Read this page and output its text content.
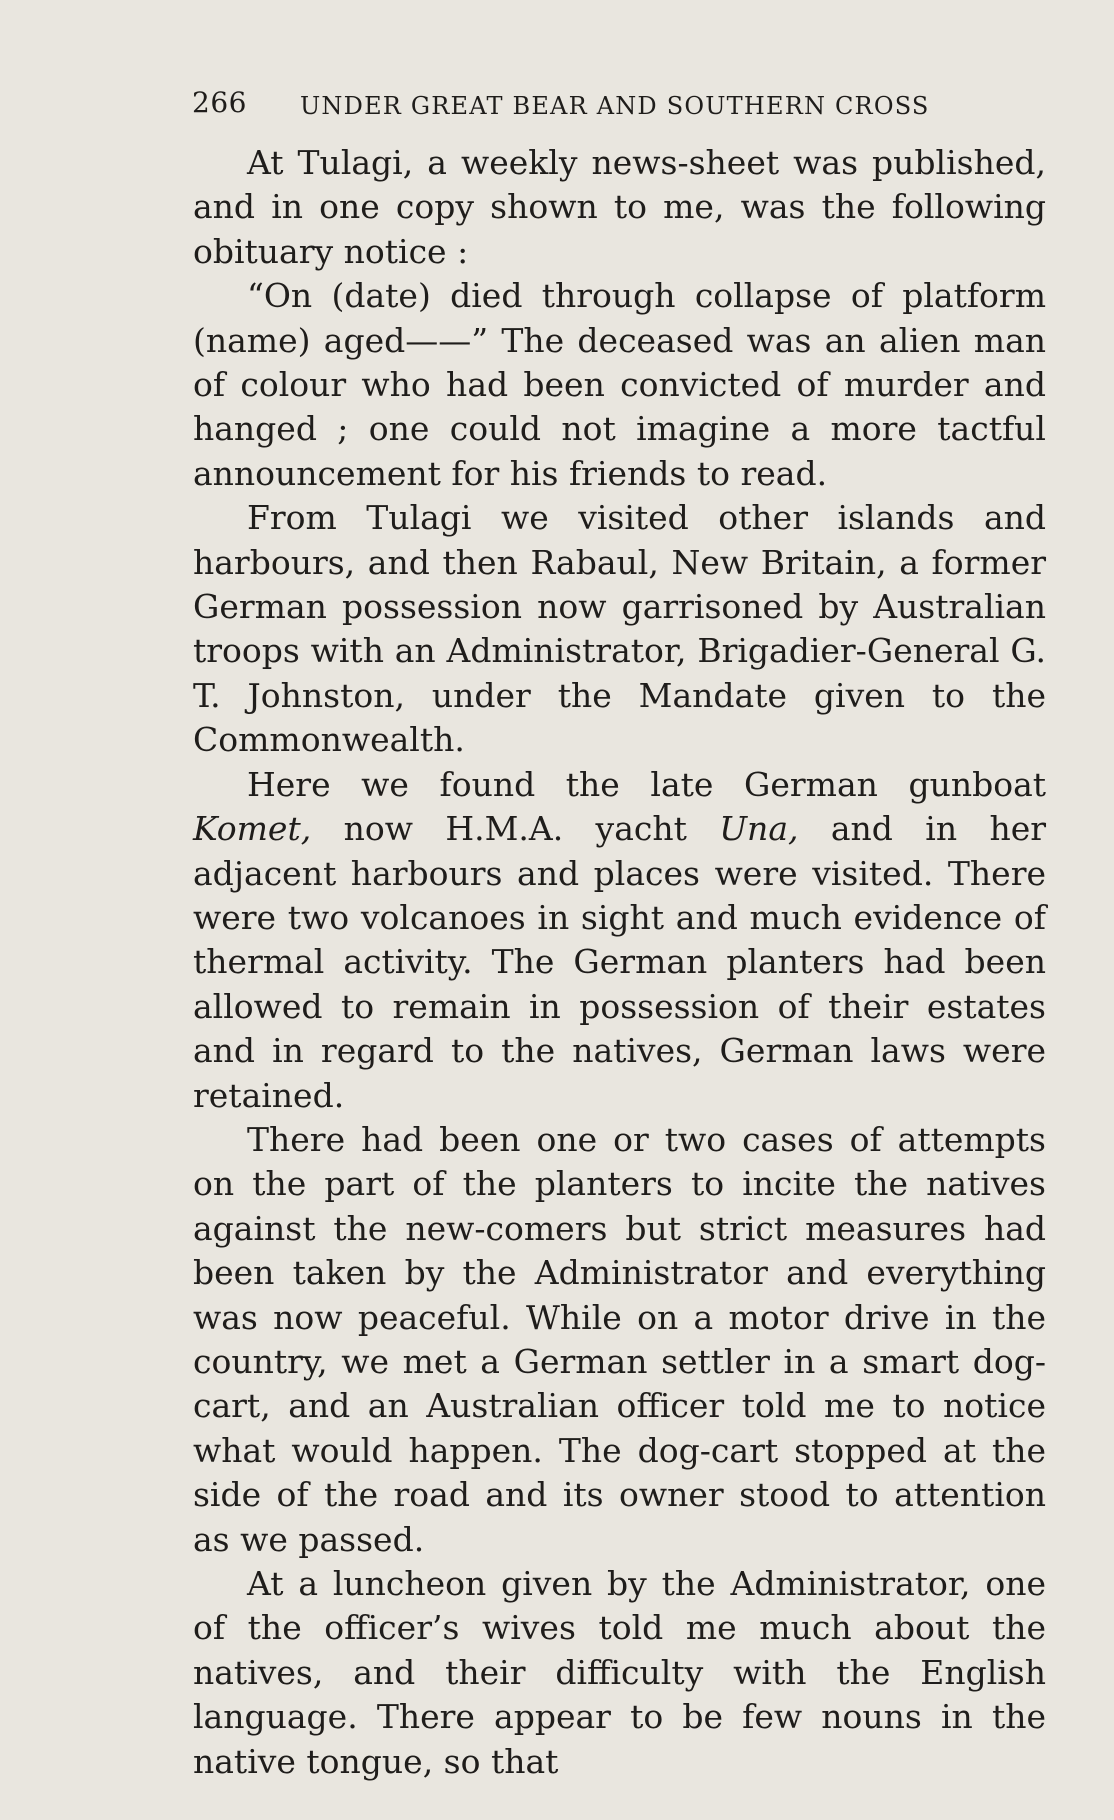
266 UNDER GREAT BEAR AND SOUTHERN CROSS

At Tulagi, a weekly news-sheet was published, and in one copy shown to me, was the following obituary notice :

“On (date) died through collapse of platform (name) aged——” The deceased was an alien man of colour who had been convicted of murder and hanged ; one could not imagine a more tactful announcement for his friends to read.

From Tulagi we visited other islands and harbours, and then Rabaul, New Britain, a former German possession now garrisoned by Australian troops with an Administrator, Brigadier-General G. T. Johnston, under the Mandate given to the Commonwealth.

Here we found the late German gunboat Komet, now H.M.A. yacht Una, and in her adjacent harbours and places were visited. There were two volcanoes in sight and much evidence of thermal activity. The German planters had been allowed to remain in possession of their estates and in regard to the natives, German laws were retained.

There had been one or two cases of attempts on the part of the planters to incite the natives against the new-comers but strict measures had been taken by the Administrator and everything was now peaceful. While on a motor drive in the country, we met a German settler in a smart dog-cart, and an Australian officer told me to notice what would happen. The dog-cart stopped at the side of the road and its owner stood to attention as we passed.

At a luncheon given by the Administrator, one of the officer’s wives told me much about the natives, and their difficulty with the English language. There appear to be few nouns in the native tongue, so that
